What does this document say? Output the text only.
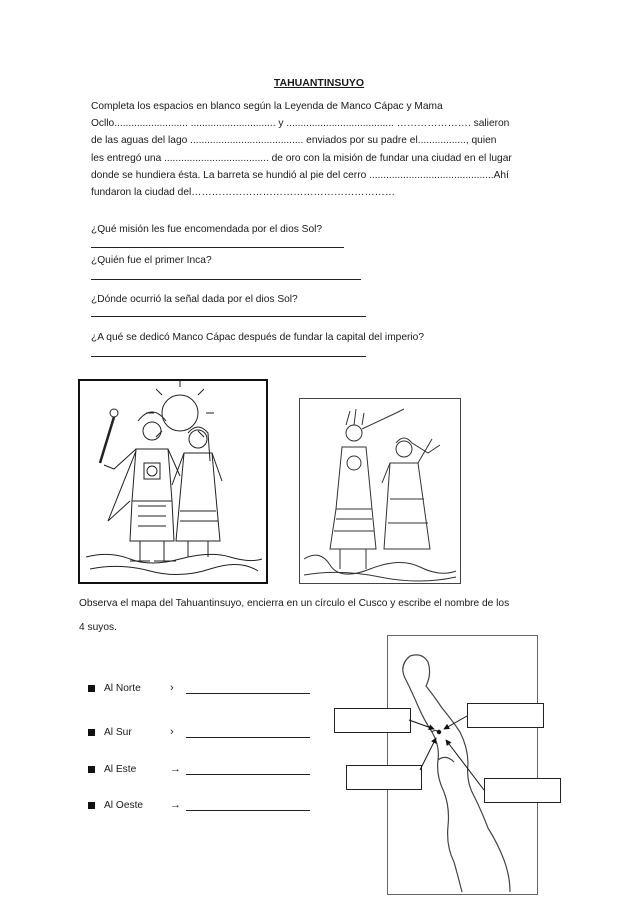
TAHUANTINSUYO

Completa los espacios en blanco según la Leyenda de Manco Cápac y Mama

Ocllo.......................... .............................. y ...................................... …………………. salieron

de las aguas del lago ........................................ enviados por su padre el................., quien

les entregó una ..................................... de oro con la misión de fundar una ciudad en el lugar

donde se hundiera ésta. La barreta se hundió al pie del cerro ............................................Ahí

fundaron la ciudad del……………………………………………………

¿Qué misión les fue encomendada por el dios Sol?
¿Quién fue el primer Inca?
¿Dónde ocurrió la señal dada por el dios Sol?
¿A qué se dedicó Manco Cápac después de fundar la capital del imperio?
Observa el mapa del Tahuantinsuyo, encierra en un círculo el Cusco y escribe el nombre de los
4 suyos.
Al Norte	›
Al Sur	›
Al Este	→
Al Oeste	→
